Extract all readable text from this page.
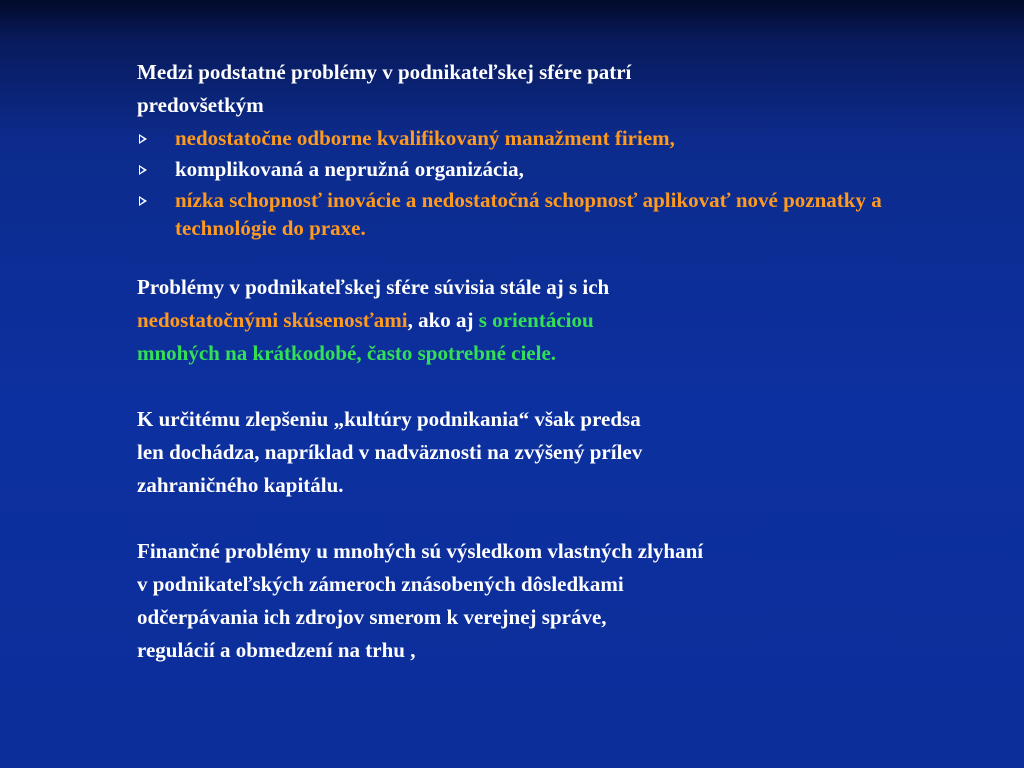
Medzi podstatné problémy v podnikateľskej sfére patrí
predovšetkým
nedostatočne odborne kvalifikovaný manažment firiem,
komplikovaná a nepružná organizácia,
nízka schopnosť inovácie a nedostatočná schopnosť aplikovať nové poznatky a technológie do praxe.
Problémy v podnikateľskej sfére súvisia stále aj s ich
nedostatočnými skúsenosťami, ako aj s orientáciou
mnohých na krátkodobé, často spotrebné ciele.
K určitému zlepšeniu „kultúry podnikania“ však predsa
len dochádza, napríklad v nadväznosti na zvýšený prílev
zahraničného kapitálu.
Finančné problémy u mnohých sú výsledkom vlastných zlyhaní
v podnikateľských zámeroch znásobených dôsledkami
odčerpávania ich zdrojov smerom k verejnej správe,
regulácií a obmedzení na trhu ,
